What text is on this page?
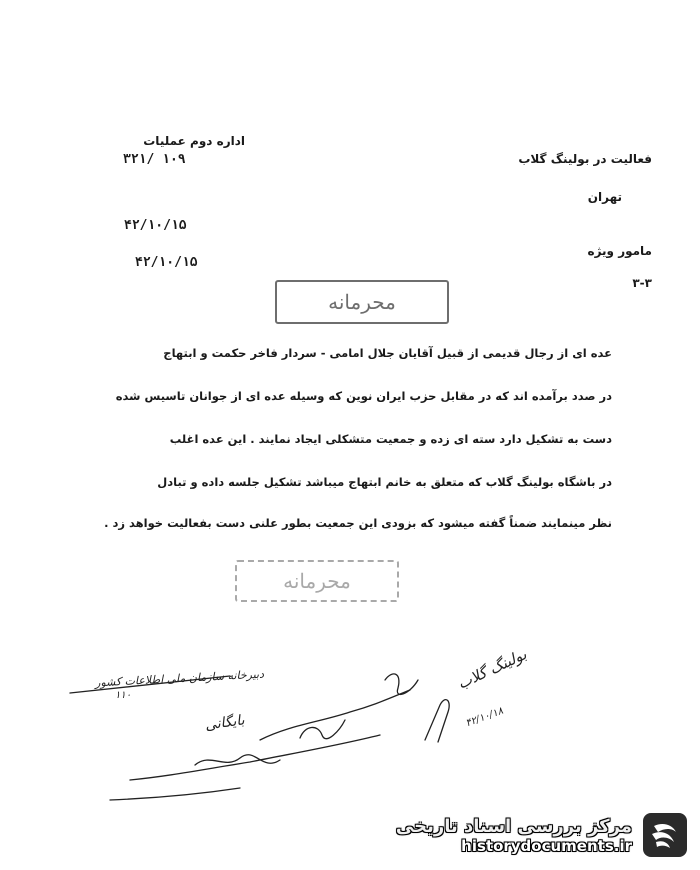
اداره دوم عملیات
۳۲۱/ ۱۰۹	فعالیت در بولینگ گلاب
تهران
۴۲/۱۰/۱۵
۴۲/۱۰/۱۵
مامور ویژه
۳-۳
محرمانه
محرمانه
عده ای از رجال قدیمی از قبیل آقایان جلال امامی - سردار فاخر حکمت و ابتهاج
در صدد برآمده اند که در مقابل حزب ایران نوین که وسیله عده ای از جوانان تاسیس شده
دست به تشکیل دارد سته ای زده و جمعیت متشکلی ایجاد نمایند . این عده اغلب
در باشگاه بولینگ گلاب که متعلق به خانم ابتهاج میباشد تشکیل جلسه داده و تبادل
نظر مینمایند ضمناً گفته میشود که بزودی این جمعیت بطور علنی دست بفعالیت خواهد زد .
دبیرخانه سازمان ملی اطلاعات کشور
۱۱۰
بایگانی
بولینگ گلاب
۴۲/۱۰/۱۸
مرکز بررسی اسناد تاریخی
historydocuments.ir
